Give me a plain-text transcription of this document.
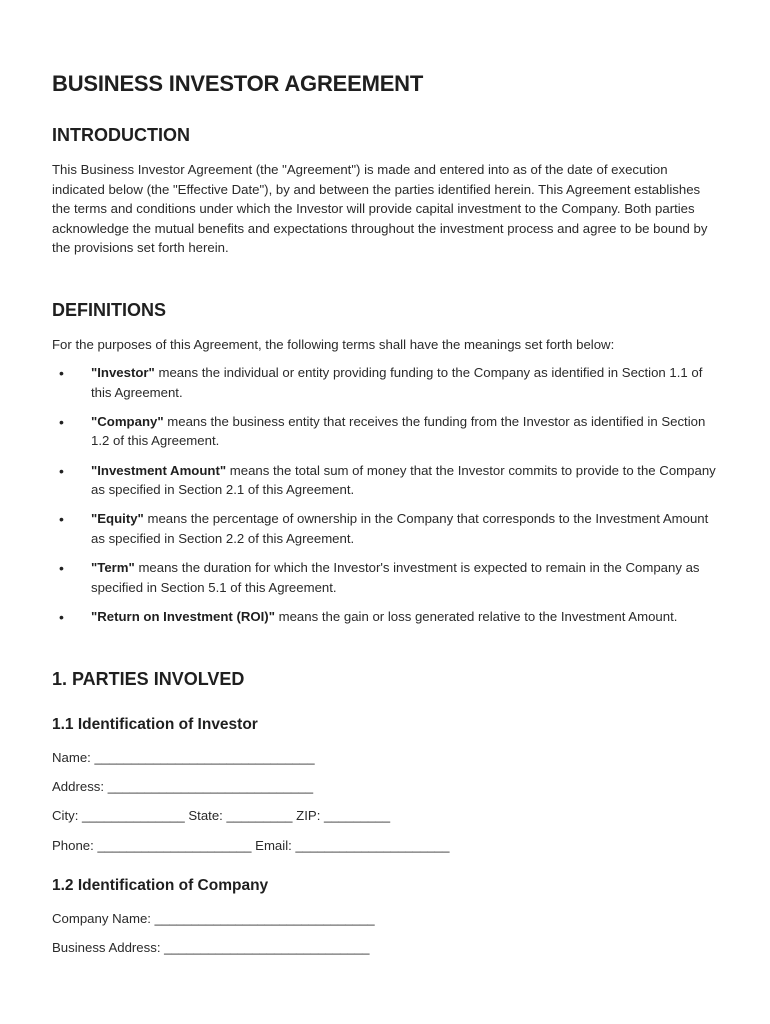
BUSINESS INVESTOR AGREEMENT
INTRODUCTION

This Business Investor Agreement (the "Agreement") is made and entered into as of the date of execution indicated below (the "Effective Date"), by and between the parties identified herein. This Agreement establishes the terms and conditions under which the Investor will provide capital investment to the Company. Both parties acknowledge the mutual benefits and expectations throughout the investment process and agree to be bound by the provisions set forth herein.

DEFINITIONS

For the purposes of this Agreement, the following terms shall have the meanings set forth below:

• "Investor" means the individual or entity providing funding to the Company as identified in Section 1.1 of this Agreement.
• "Company" means the business entity that receives the funding from the Investor as identified in Section 1.2 of this Agreement.
• "Investment Amount" means the total sum of money that the Investor commits to provide to the Company as specified in Section 2.1 of this Agreement.
• "Equity" means the percentage of ownership in the Company that corresponds to the Investment Amount as specified in Section 2.2 of this Agreement.
• "Term" means the duration for which the Investor's investment is expected to remain in the Company as specified in Section 5.1 of this Agreement.
• "Return on Investment (ROI)" means the gain or loss generated relative to the Investment Amount.
1. PARTIES INVOLVED
1.1 Identification of Investor

Name: ______________________________

Address: ____________________________

City: ______________ State: _________ ZIP: _________

Phone: _____________________ Email: _____________________

1.2 Identification of Company

Company Name: ______________________________

Business Address: ____________________________
